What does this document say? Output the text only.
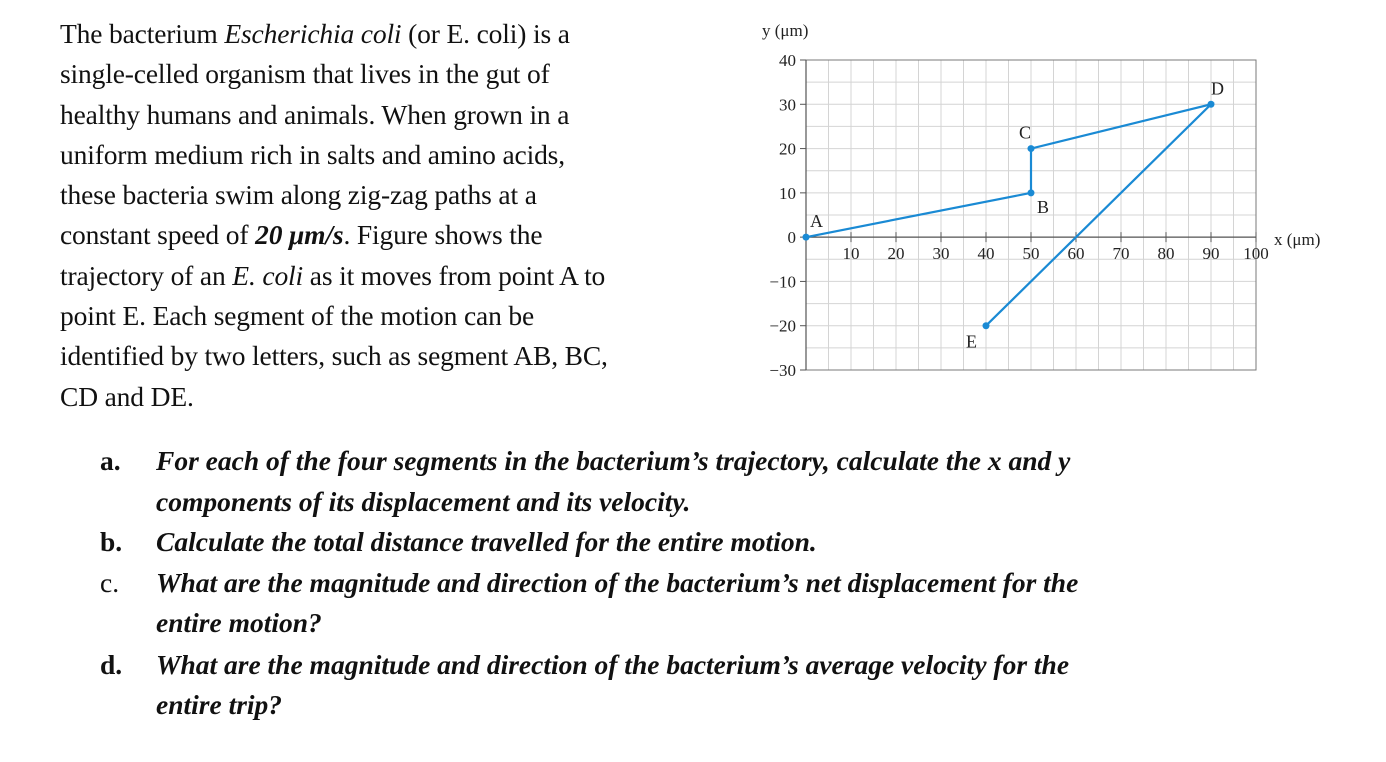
The bacterium Escherichia coli (or E. coli) is a
single-celled organism that lives in the gut of
healthy humans and animals. When grown in a
uniform medium rich in salts and amino acids,
these bacteria swim along zig-zag paths at a
constant speed of 20 μm/s. Figure shows the
trajectory of an E. coli as it moves from point A to
point E. Each segment of the motion can be
identified by two letters, such as segment AB, BC,
CD and DE.
10 20 30 40 50 60 70 80 90 100
40
30
20
10
0
−10
−20
−30
y (μm)
x (μm)
A
B
C
D
E
a.	For each of the four segments in the bacterium’s trajectory, calculate the x and y
components of its displacement and its velocity.
b.	Calculate the total distance travelled for the entire motion.
c.	What are the magnitude and direction of the bacterium’s net displacement for the
entire motion?
d.	What are the magnitude and direction of the bacterium’s average velocity for the
entire trip?
